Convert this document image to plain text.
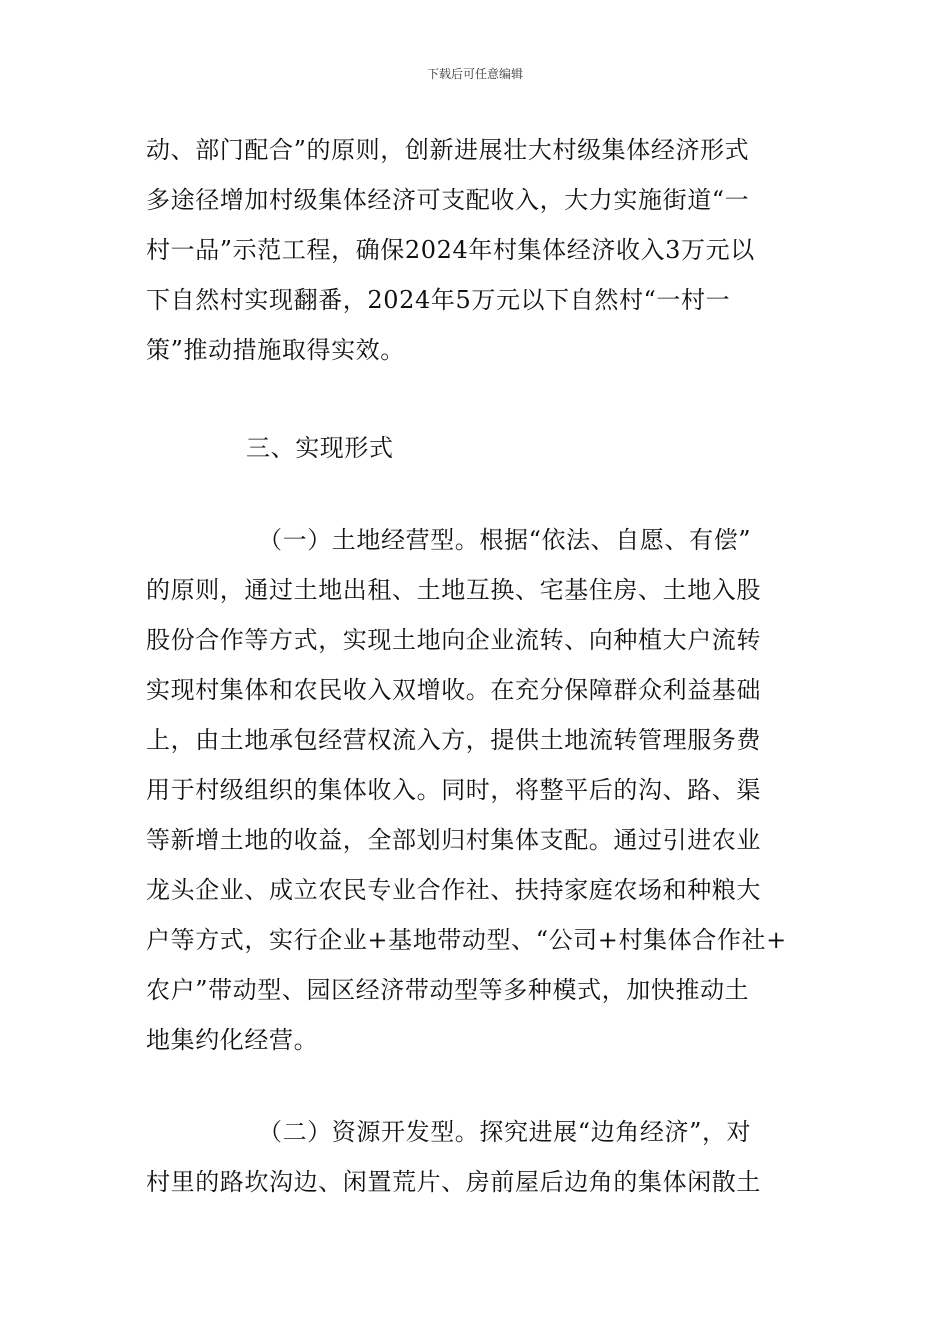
下载后可任意编辑
动、部门配合”的原则，创新进展壮大村级集体经济形式
多途径增加村级集体经济可支配收入，大力实施街道“一
村一品”示范工程，确保2024年村集体经济收入3万元以
下自然村实现翻番，2024年5万元以下自然村“一村一
策”推动措施取得实效。
三、实现形式
（一）土地经营型。根据“依法、自愿、有偿”
的原则，通过土地出租、土地互换、宅基住房、土地入股
股份合作等方式，实现土地向企业流转、向种植大户流转
实现村集体和农民收入双增收。在充分保障群众利益基础
上，由土地承包经营权流入方，提供土地流转管理服务费
用于村级组织的集体收入。同时，将整平后的沟、路、渠
等新增土地的收益，全部划归村集体支配。通过引进农业
龙头企业、成立农民专业合作社、扶持家庭农场和种粮大
户等方式，实行企业+基地带动型、“公司+村集体合作社+
农户”带动型、园区经济带动型等多种模式，加快推动土
地集约化经营。
（二）资源开发型。探究进展“边角经济”，对
村里的路坎沟边、闲置荒片、房前屋后边角的集体闲散土
